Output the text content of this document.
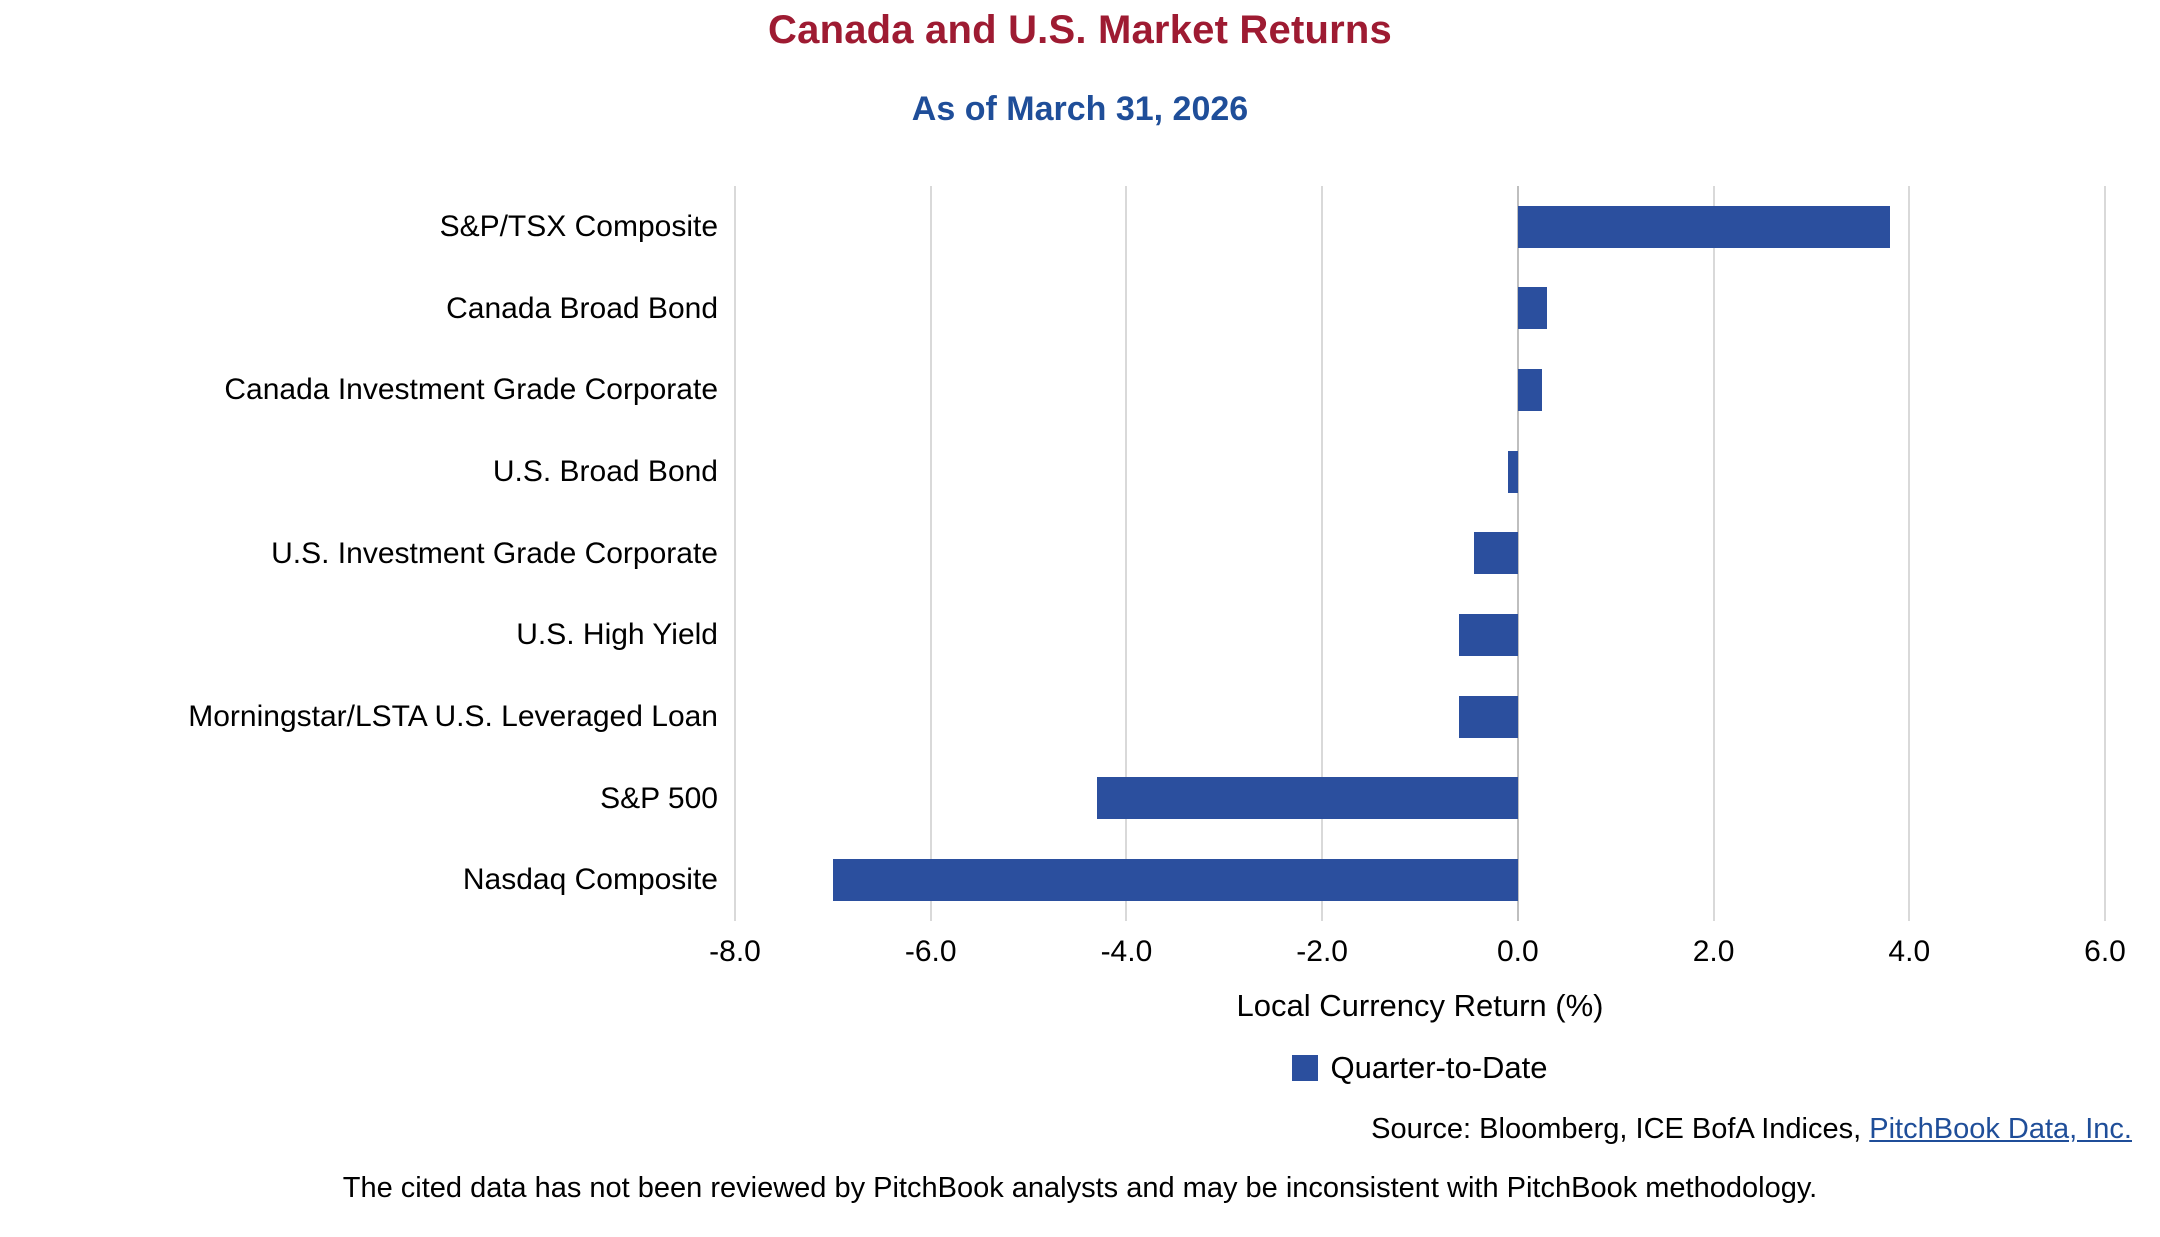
Canada and U.S. Market Returns
As of March 31, 2026
S&P/TSX Composite
Canada Broad Bond
Canada Investment Grade Corporate
U.S. Broad Bond
U.S. Investment Grade Corporate
U.S. High Yield
Morningstar/LSTA U.S. Leveraged Loan
S&P 500
Nasdaq Composite
-8.0	-6.0	-4.0	-2.0	0.0	2.0	4.0	6.0
Local Currency Return (%)
Quarter-to-Date
Source: Bloomberg, ICE BofA Indices, PitchBook Data, Inc.
The cited data has not been reviewed by PitchBook analysts and may be inconsistent with PitchBook methodology.
